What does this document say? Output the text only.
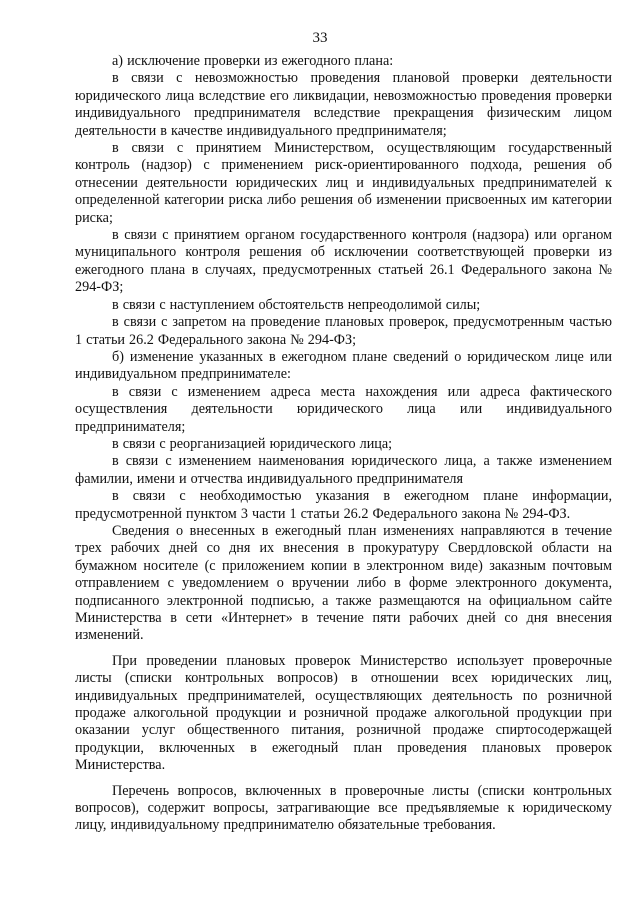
33

а) исключение проверки из ежегодного плана:

в связи с невозможностью проведения плановой проверки деятельности юридического лица вследствие его ликвидации, невозможностью проведения проверки индивидуального предпринимателя вследствие прекращения физическим лицом деятельности в качестве индивидуального предпринимателя;

в связи с принятием Министерством, осуществляющим государственный контроль (надзор) с применением риск-ориентированного подхода, решения об отнесении деятельности юридических лиц и индивидуальных предпринимателей к определенной категории риска либо решения об изменении присвоенных им категории риска;

в связи с принятием органом государственного контроля (надзора) или органом муниципального контроля решения об исключении соответствующей проверки из ежегодного плана в случаях, предусмотренных статьей 26.1 Федерального закона № 294-ФЗ;

в связи с наступлением обстоятельств непреодолимой силы;

в связи с запретом на проведение плановых проверок, предусмотренным частью 1 статьи 26.2 Федерального закона № 294-ФЗ;

б) изменение указанных в ежегодном плане сведений о юридическом лице или индивидуальном предпринимателе:

в связи с изменением адреса места нахождения или адреса фактического осуществления деятельности юридического лица или индивидуального предпринимателя;

в связи с реорганизацией юридического лица;

в связи с изменением наименования юридического лица, а также изменением фамилии, имени и отчества индивидуального предпринимателя

в связи с необходимостью указания в ежегодном плане информации, предусмотренной пунктом 3 части 1 статьи 26.2 Федерального закона № 294-ФЗ.

Сведения о внесенных в ежегодный план изменениях направляются в течение трех рабочих дней со дня их внесения в прокуратуру Свердловской области на бумажном носителе (с приложением копии в электронном виде) заказным почтовым отправлением с уведомлением о вручении либо в форме электронного документа, подписанного электронной подписью, а также размещаются на официальном сайте Министерства в сети «Интернет» в течение пяти рабочих дней со дня внесения изменений.

При проведении плановых проверок Министерство использует проверочные листы (списки контрольных вопросов) в отношении всех юридических лиц, индивидуальных предпринимателей, осуществляющих деятельность по розничной продаже алкогольной продукции и розничной продаже алкогольной продукции при оказании услуг общественного питания, розничной продаже спиртосодержащей продукции, включенных в ежегодный план проведения плановых проверок Министерства.

Перечень вопросов, включенных в проверочные листы (списки контрольных вопросов), содержит вопросы, затрагивающие все предъявляемые к юридическому лицу, индивидуальному предпринимателю обязательные требования.
